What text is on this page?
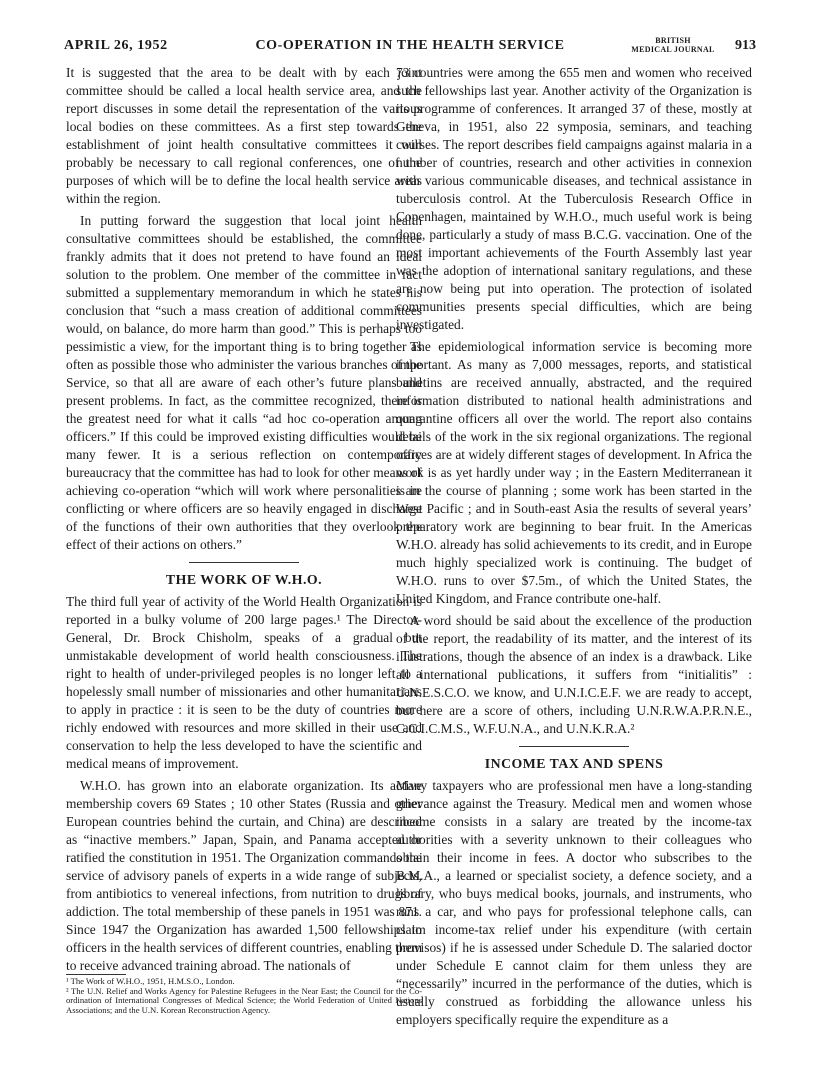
APRIL 26, 1952	CO-OPERATION IN THE HEALTH SERVICE	BRITISH
MEDICAL JOURNAL 913

It is suggested that the area to be dealt with by each joint committee should be called a local health service area, and the report discusses in some detail the representation of the various local bodies on these committees. As a first step towards the establishment of joint health consultative committees it will probably be necessary to call regional conferences, one of the purposes of which will be to define the local health service areas within the region.

In putting forward the suggestion that local joint health consultative committees should be established, the committee frankly admits that it does not pretend to have found an ideal solution to the problem. One member of the committee in fact submitted a supplementary memorandum in which he states his conclusion that “such a mass creation of additional committees would, on balance, do more harm than good.” This is perhaps too pessimistic a view, for the important thing is to bring together as often as possible those who administer the various branches of the Service, so that all are aware of each other’s future plans and present problems. In fact, as the committee recognized, there is the greatest need for what it calls “ad hoc co-operation among officers.” If this could be improved existing difficulties would be many fewer. It is a serious reflection on contemporary bureaucracy that the committee has had to look for other means of achieving co-operation “which will work where personalities are conflicting or where officers are so heavily engaged in discharge of the functions of their own authorities that they overlook the effect of their actions on others.”

THE WORK OF W.H.O.

The third full year of activity of the World Health Organization is reported in a bulky volume of 200 large pages.¹ The Director-General, Dr. Brock Chisholm, speaks of a gradual but unmistakable development of world health consciousness. The right to health of under-privileged peoples is no longer left to a hopelessly small number of missionaries and other humanitarians to apply in practice : it is seen to be the duty of countries more richly endowed with resources and more skilled in their use and conservation to help the less developed to have the scientific and medical means of improvement.

W.H.O. has grown into an elaborate organization. Its active membership covers 69 States ; 10 other States (Russia and other European countries behind the curtain, and China) are described as “inactive members.” Japan, Spain, and Panama accepted or ratified the constitution in 1951. The Organization commands the service of advisory panels of experts in a wide range of subjects, from antibiotics to venereal infections, from nutrition to drugs of addiction. The total membership of these panels in 1951 was 871. Since 1947 the Organization has awarded 1,500 fellowships to officers in the health services of different countries, enabling them to receive advanced training abroad. The nationals of

73 countries were among the 655 men and women who received such fellowships last year. Another activity of the Organization is its programme of conferences. It arranged 37 of these, mostly at Geneva, in 1951, also 22 symposia, seminars, and teaching courses. The report describes field campaigns against malaria in a number of countries, research and other activities in connexion with various communicable diseases, and technical assistance in tuberculosis control. At the Tuberculosis Research Office in Copenhagen, maintained by W.H.O., much useful work is being done, particularly a study of mass B.C.G. vaccination. One of the most important achievements of the Fourth Assembly last year was the adoption of international sanitary regulations, and these are now being put into operation. The protection of isolated communities presents special difficulties, which are being investigated.

The epidemiological information service is becoming more important. As many as 7,000 messages, reports, and statistical bulletins are received annually, abstracted, and the required information distributed to national health administrations and quarantine officers all over the world. The report also contains details of the work in the six regional organizations. The regional offices are at widely different stages of development. In Africa the work is as yet hardly under way ; in the Eastern Mediterranean it is in the course of planning ; some work has been started in the West Pacific ; and in South-east Asia the results of several years’ preparatory work are beginning to bear fruit. In the Americas W.H.O. already has solid achievements to its credit, and in Europe much highly specialized work is continuing. The budget of W.H.O. runs to over $7.5m., of which the United States, the United Kingdom, and France contribute one-half.

A word should be said about the excellence of the production of the report, the readability of its matter, and the interest of its illustrations, though the absence of an index is a drawback. Like all international publications, it suffers from “initialitis” : U.N.E.S.C.O. we know, and U.N.I.C.E.F. we are ready to accept, but here are a score of others, including U.N.R.W.A.P.R.N.E., C.C.I.C.M.S., W.F.U.N.A., and U.N.K.R.A.²

INCOME TAX AND SPENS

Many taxpayers who are professional men have a long-standing grievance against the Treasury. Medical men and women whose income consists in a salary are treated by the income-tax authorities with a severity unknown to their colleagues who obtain their income in fees. A doctor who subscribes to the B.M.A., a learned or specialist society, a defence society, and a library, who buys medical books, journals, and instruments, who runs a car, and who pays for professional telephone calls, can claim income-tax relief under his expenditure (with certain provisos) if he is assessed under Schedule D. The salaried doctor under Schedule E cannot claim for them unless they are “necessarily” incurred in the performance of the duties, which is usually construed as forbidding the allowance unless his employers specifically require the expenditure as a

¹ The Work of W.H.O., 1951, H.M.S.O., London.

² The U.N. Relief and Works Agency for Palestine Refugees in the Near East; the Council for the Co-ordination of International Congresses of Medical Science; the World Federation of United Nations Associations; and the U.N. Korean Reconstruction Agency.
